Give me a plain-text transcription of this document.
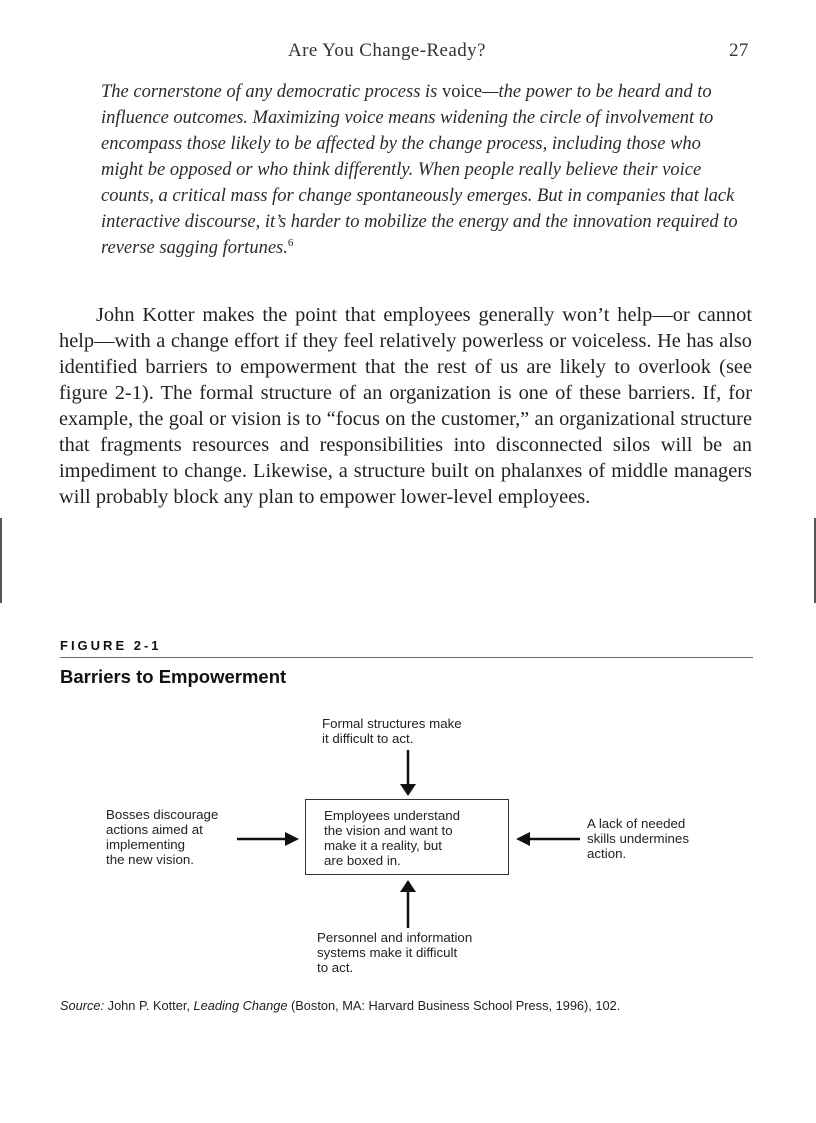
Are You Change-Ready?	27

The cornerstone of any democratic process is voice—the power to be heard and to influence outcomes. Maximizing voice means widening the circle of involvement to encompass those likely to be affected by the change process, including those who might be opposed or who think differently. When people really believe their voice counts, a critical mass for change spontaneously emerges. But in companies that lack interactive discourse, it’s harder to mobilize the energy and the innovation required to reverse sagging fortunes.$^6$

John Kotter makes the point that employees generally won’t help—or cannot help—with a change effort if they feel relatively powerless or voiceless. He has also identified barriers to empowerment that the rest of us are likely to overlook (see figure 2-1). The formal structure of an organization is one of these barriers. If, for example, the goal or vision is to “focus on the customer,” an organizational structure that fragments resources and responsibilities into disconnected silos will be an impediment to change. Likewise, a structure built on phalanxes of middle managers will probably block any plan to empower lower-level employees.

FIGURE 2-1
Barriers to Empowerment
Formal structures make
it difficult to act.
Bosses discourage
actions aimed at
implementing
the new vision.
Employees understand
the vision and want to
make it a reality, but
are boxed in.
A lack of needed
skills undermines
action.
Personnel and information
systems make it difficult
to act.
Source: John P. Kotter, Leading Change (Boston, MA: Harvard Business School Press, 1996), 102.
